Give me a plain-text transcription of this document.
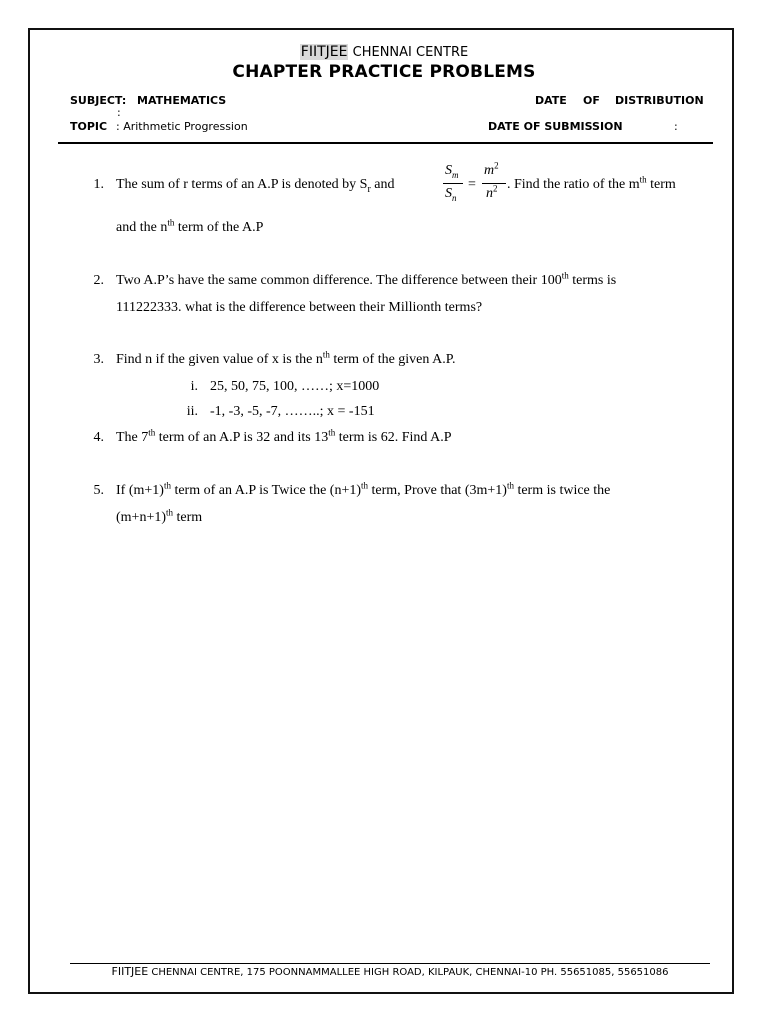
FIITJEE CHENNAI CENTRE
CHAPTER PRACTICE PROBLEMS
SUBJECT: MATHEMATICS
:
DATE OF DISTRIBUTION
TOPIC : Arithmetic Progression	DATE OF SUBMISSION	:
1. The sum of r terms of an A.P is denoted by $S_r$ and
$S_m$
$S_n$
=
$m^2$
$n^2$ . Find the ratio of the $m^{th}$ term
and the $n^{th}$ term of the A.P
2. Two A.P’s have the same common difference. The difference between their 100th terms is
111222333. what is the difference between their Millionth terms?
3. Find n if the given value of x is the $n^{th}$ term of the given A.P.
i. 25, 50, 75, 100, ……; x=1000
ii. -1, -3, -5, -7, ……..; x = -151
4. The 7th term of an A.P is 32 and its 13th term is 62. Find A.P
5. If $(m+1)^{th}$ term of an A.P is Twice the $(n+1)^{th}$ term, Prove that $(3m+1)^{th}$ term is twice the
$(m+n+1)^{th}$ term
FIITJEE CHENNAI CENTRE, 175 POONNAMMALLEE HIGH ROAD, KILPAUK, CHENNAI-10 PH. 55651085, 55651086
